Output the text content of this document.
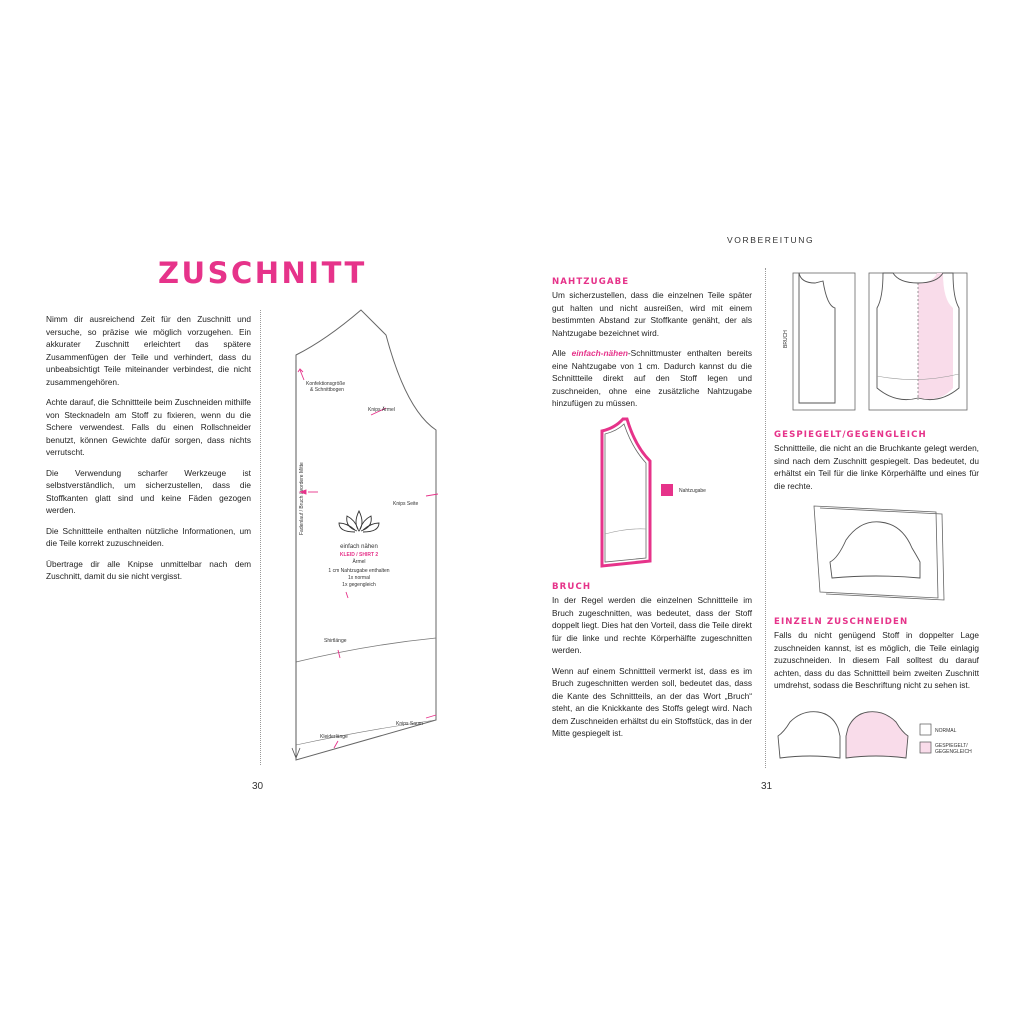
ZUSCHNITT

Nimm dir ausreichend Zeit für den Zuschnitt und versuche, so präzise wie möglich vorzugehen. Ein akkurater Zuschnitt erleichtert das spätere Zusammenfügen der Teile und verhindert, dass du unbeabsichtigt Teile miteinander verbindest, die nicht zusammengehören.

Achte darauf, die Schnittteile beim Zuschneiden mithilfe von Stecknadeln am Stoff zu fixieren, wenn du die Schere verwendest. Falls du einen Rollschneider benutzt, können Gewichte dafür sorgen, dass nichts verrutscht.

Die Verwendung scharfer Werkzeuge ist selbstverständlich, um sicherzustellen, dass die Stoffkanten glatt sind und keine Fäden gezogen werden.

Die Schnittteile enthalten nützliche Informationen, um die Teile korrekt zuzuschneiden.

Übertrage dir alle Knipse unmittelbar nach dem Zuschnitt, damit du sie nicht vergisst.

Konfektionsgröße
& Schnittbogen
Knips Ärmel
Knips Seite
Fadenlauf / Bruch / vordere Mitte
einfach nähen
KLEID / SHIRT 2
Ärmel
1 cm Nahtzugabe enthalten
1x normal
1x gegengleich
Shirtlänge
Kleiderlänge
Knips Saum
30
VORBEREITUNG
NAHTZUGABE

Um sicherzustellen, dass die einzelnen Teile später gut halten und nicht ausreißen, wird mit einem bestimmten Abstand zur Stoffkante genäht, der als Nahtzugabe bezeichnet wird.

Alle einfach-nähen-Schnittmuster enthalten bereits eine Nahtzugabe von 1 cm. Dadurch kannst du die Schnittteile direkt auf den Stoff legen und zuschneiden, ohne eine zusätzliche Nahtzugabe hinzufügen zu müssen.

Nahtzugabe
BRUCH

In der Regel werden die einzelnen Schnittteile im Bruch zugeschnitten, was bedeutet, dass der Stoff doppelt liegt. Dies hat den Vorteil, dass die Teile direkt für die linke und rechte Körperhälfte zugeschnitten werden.

Wenn auf einem Schnittteil vermerkt ist, dass es im Bruch zugeschnitten werden soll, bedeutet das, dass die Kante des Schnittteils, an der das Wort „Bruch“ steht, an die Knickkante des Stoffs gelegt wird. Nach dem Zuschneiden erhältst du ein Stoffstück, das in der Mitte gespiegelt ist.

31
BRUCH
GESPIEGELT/GEGENGLEICH

Schnittteile, die nicht an die Bruchkante gelegt werden, sind nach dem Zuschnitt gespiegelt. Das bedeutet, du erhältst ein Teil für die linke Körperhälfte und eines für die rechte.

EINZELN ZUSCHNEIDEN

Falls du nicht genügend Stoff in doppelter Lage zuschneiden kannst, ist es möglich, die Teile einlagig zuzuschneiden. In diesem Fall solltest du darauf achten, dass du das Schnittteil beim zweiten Zuschnitt umdrehst, sodass die Beschriftung nicht zu sehen ist.

NORMAL
GESPIEGELT/
GEGENGLEICH
